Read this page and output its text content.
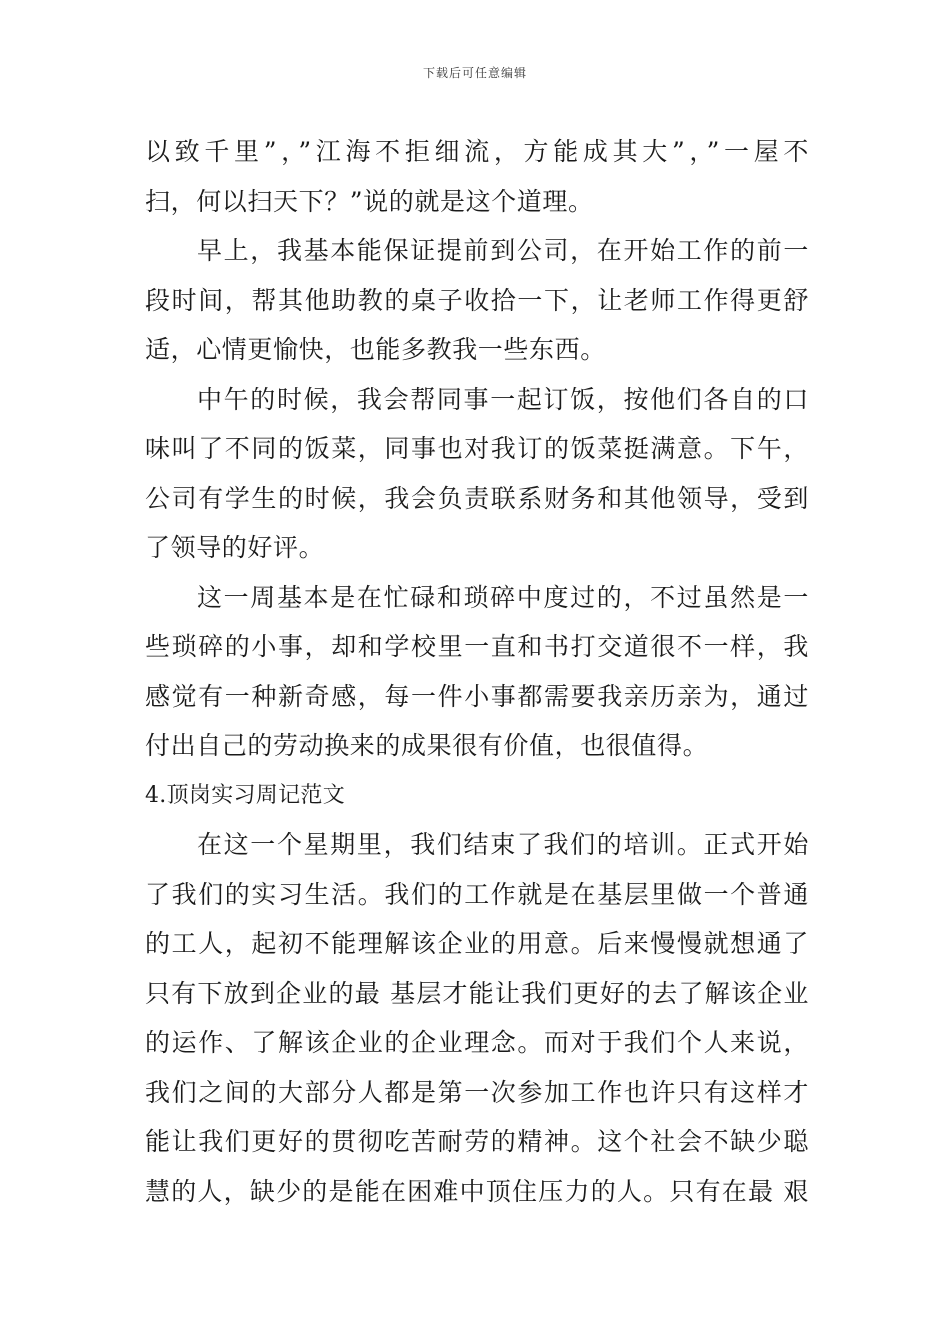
下载后可任意编辑
以致千里”，”江海不拒细流，方能成其大”，”一屋不
扫，何以扫天下？”说的就是这个道理。
早上，我基本能保证提前到公司，在开始工作的前一
段时间，帮其他助教的桌子收拾一下，让老师工作得更舒
适，心情更愉快，也能多教我一些东西。
中午的时候，我会帮同事一起订饭，按他们各自的口
味叫了不同的饭菜，同事也对我订的饭菜挺满意。下午，
公司有学生的时候，我会负责联系财务和其他领导，受到
了领导的好评。
这一周基本是在忙碌和琐碎中度过的，不过虽然是一
些琐碎的小事，却和学校里一直和书打交道很不一样，我
感觉有一种新奇感，每一件小事都需要我亲历亲为，通过
付出自己的劳动换来的成果很有价值，也很值得。
4.顶岗实习周记范文
在这一个星期里，我们结束了我们的培训。正式开始
了我们的实习生活。我们的工作就是在基层里做一个普通
的工人，起初不能理解该企业的用意。后来慢慢就想通了
只有下放到企业的最 基层才能让我们更好的去了解该企业
的运作、了解该企业的企业理念。而对于我们个人来说，
我们之间的大部分人都是第一次参加工作也许只有这样才
能让我们更好的贯彻吃苦耐劳的精神。这个社会不缺少聪
慧的人，缺少的是能在困难中顶住压力的人。只有在最 艰
